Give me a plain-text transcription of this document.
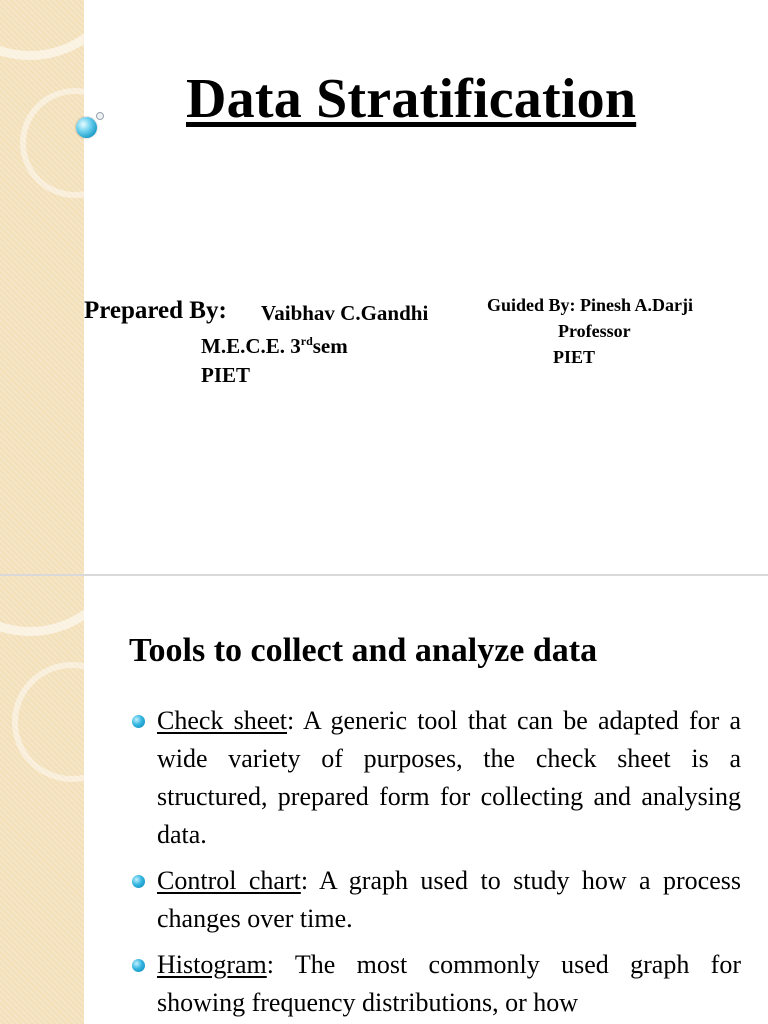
Data Stratification
Prepared By: Vaibhav C.Gandhi
M.E.C.E. 3rdsem
PIET
Guided By: Pinesh A.Darji
Professor
PIET
Tools to collect and analyze data
Check sheet: A generic tool that can be adapted for a wide variety of purposes, the check sheet is a structured, prepared form for collecting and analysing data.
Control chart: A graph used to study how a process changes over time.
Histogram: The most commonly used graph for showing frequency distributions, or how
